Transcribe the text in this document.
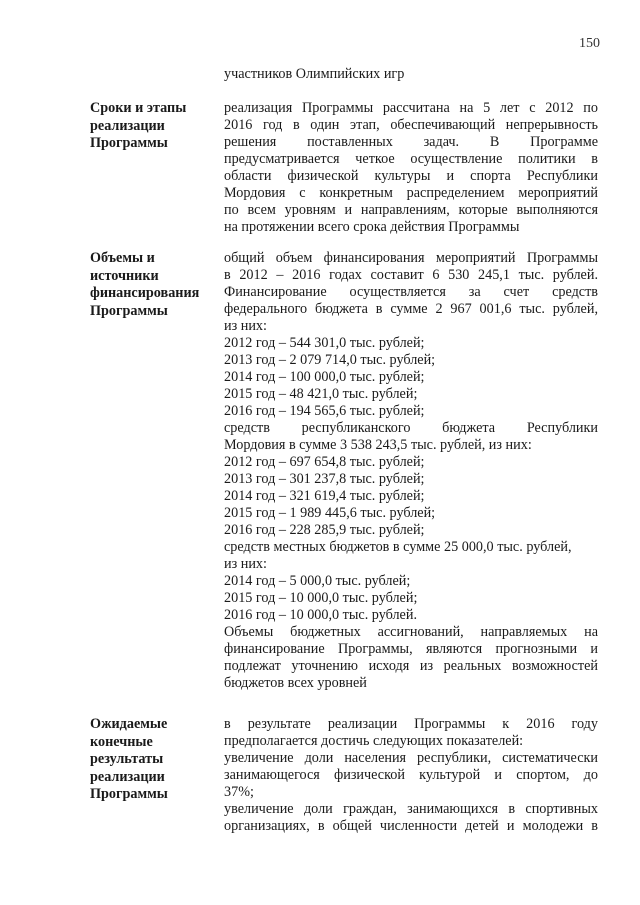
150
участников Олимпийских игр
Сроки и этапы
реализации
Программы
реализация Программы рассчитана на 5 лет с 2012 по
2016 год в один этап, обеспечивающий непрерывность
решения поставленных задач. В Программе
предусматривается четкое осуществление политики в
области физической культуры и спорта Республики
Мордовия с конкретным распределением мероприятий
по всем уровням и направлениям, которые выполняются
на протяжении всего срока действия Программы
Объемы и
источники
финансирования
Программы
общий объем финансирования мероприятий Программы
в 2012 – 2016 годах составит 6 530 245,1 тыс. рублей.
Финансирование осуществляется за счет средств
федерального бюджета в сумме 2 967 001,6 тыс. рублей,
из них:
2012 год – 544 301,0 тыс. рублей;
2013 год – 2 079 714,0 тыс. рублей;
2014 год – 100 000,0 тыс. рублей;
2015 год – 48 421,0 тыс. рублей;
2016 год – 194 565,6 тыс. рублей;
средств республиканского бюджета Республики
Мордовия в сумме 3 538 243,5 тыс. рублей, из них:
2012 год – 697 654,8 тыс. рублей;
2013 год – 301 237,8 тыс. рублей;
2014 год – 321 619,4 тыс. рублей;
2015 год – 1 989 445,6 тыс. рублей;
2016 год – 228 285,9 тыс. рублей;
средств местных бюджетов в сумме 25 000,0 тыс. рублей,
из них:
2014 год – 5 000,0 тыс. рублей;
2015 год – 10 000,0 тыс. рублей;
2016 год – 10 000,0 тыс. рублей.
Объемы бюджетных ассигнований, направляемых на
финансирование Программы, являются прогнозными и
подлежат уточнению исходя из реальных возможностей
бюджетов всех уровней
Ожидаемые
конечные
результаты
реализации
Программы
в результате реализации Программы к 2016 году
предполагается достичь следующих показателей:
увеличение доли населения республики, систематически
занимающегося физической культурой и спортом, до
37%;
увеличение доли граждан, занимающихся в спортивных
организациях, в общей численности детей и молодежи в
